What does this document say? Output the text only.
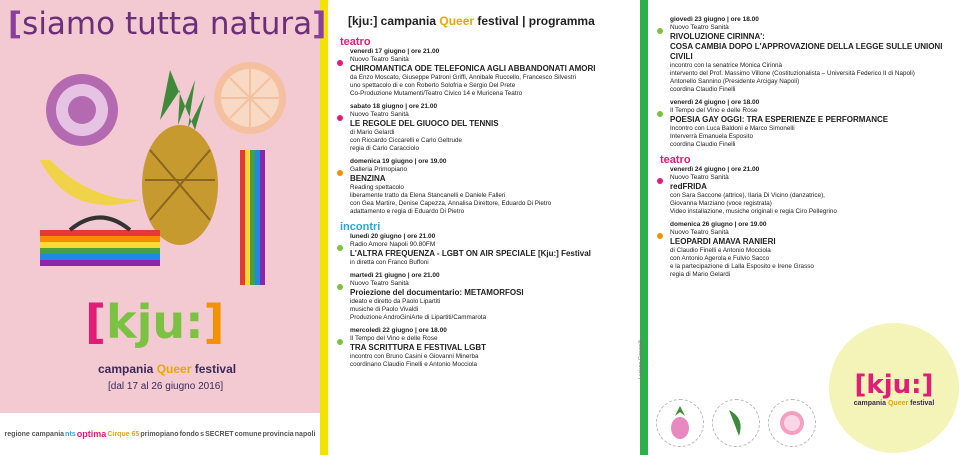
[siamo tutta natura]
[kju:]
campania Queer festival
[dal 17 al 26 giugno 2016]
regione campania nts optima Cirque 65 primopiano fondo s SECRET comune provincia napoli
[kju:] campania Queer festival | programma
teatro
venerdì 17 giugno | ore 21.00
Nuovo Teatro Sanità
CHIROMANTICA ODE TELEFONICA AGLI ABBANDONATI AMORI
da Enzo Moscato, Giuseppe Patroni Griffi, Annibale Ruccello, Francesco Silvestri
uno spettacolo di e con Roberto Solofria e Sergio Del Prete
Co-Produzione Mutamenti/Teatro Civico 14 e Muricena Teatro
sabato 18 giugno | ore 21.00
Nuovo Teatro Sanità
LE REGOLE DEL GIUOCO DEL TENNIS
di Mario Gelardi
con Riccardo Ciccarelli e Carlo Geltrude
regia di Carlo Caracciolo
domenica 19 giugno | ore 19.00
Galleria Primopiano
BENZINA
Reading spettacolo
liberamente tratto da Elena Stancanelli e Daniele Falleri
con Gea Martire, Denise Capezza, Annalisa Direttore, Eduardo Di Pietro
adattamento e regia di Eduardo Di Pietro
incontri
lunedì 20 giugno | ore 21.00
Radio Amore Napoli 90.80FM
L'ALTRA FREQUENZA - LGBT ON AIR SPECIALE [Kju:] Festival
in diretta con Franco Buffoni
martedì 21 giugno | ore 21.00
Nuovo Teatro Sanità
Proiezione del documentario: METAMORFOSI
ideato e diretto da Paolo Lipartiti
musiche di Paolo Vivaldi
Produzione AndroGiniArte di Lipartiti/Cammarota
mercoledì 22 giugno | ore 18.00
Il Tempo del Vino e delle Rose
TRA SCRITTURA E FESTIVAL LGBT
incontro con Bruno Casini e Giovanni Minerba
coordinano Claudio Finelli e Antonio Mocciola	Luciano Ciccarelli
giovedì 23 giugno | ore 18.00
Nuovo Teatro Sanità
RIVOLUZIONE CIRINNA':
COSA CAMBIA DOPO L'APPROVAZIONE DELLA LEGGE SULLE UNIONI CIVILI
incontro con la senatrice Monica Cirinnà
intervento del Prof. Massimo Villone (Costituzionalista – Università Federico II di Napoli)
Antonello Sannino (Presidente Arcigay Napoli)
coordina Claudio Finelli
venerdì 24 giugno | ore 18.00
Il Tempo del Vino e delle Rose
POESIA GAY OGGI: TRA ESPERIENZE E PERFORMANCE
Incontro con Luca Baldoni e Marco Simonelli
Interverrà Emanuela Esposito
coordina Claudio Finelli
teatro
venerdì 24 giugno | ore 21.00
Nuovo Teatro Sanità
redFRIDA
con Sara Saccone (attrice), Ilaria Di Vicino (danzatrice),
Giovanna Marziano (voce registrata)
Video installazione, musiche originali e regia Ciro Pellegrino
domenica 26 giugno | ore 19.00
Nuovo Teatro Sanità
LEOPARDI AMAVA RANIERI
di Claudio Finelli e Antonio Mocciola
con Antonio Agerola e Fulvio Sacco
e la partecipazione di Lalla Esposito e Irene Grasso
regia di Mario Gelardi
[kju:]
campania Queer festival
